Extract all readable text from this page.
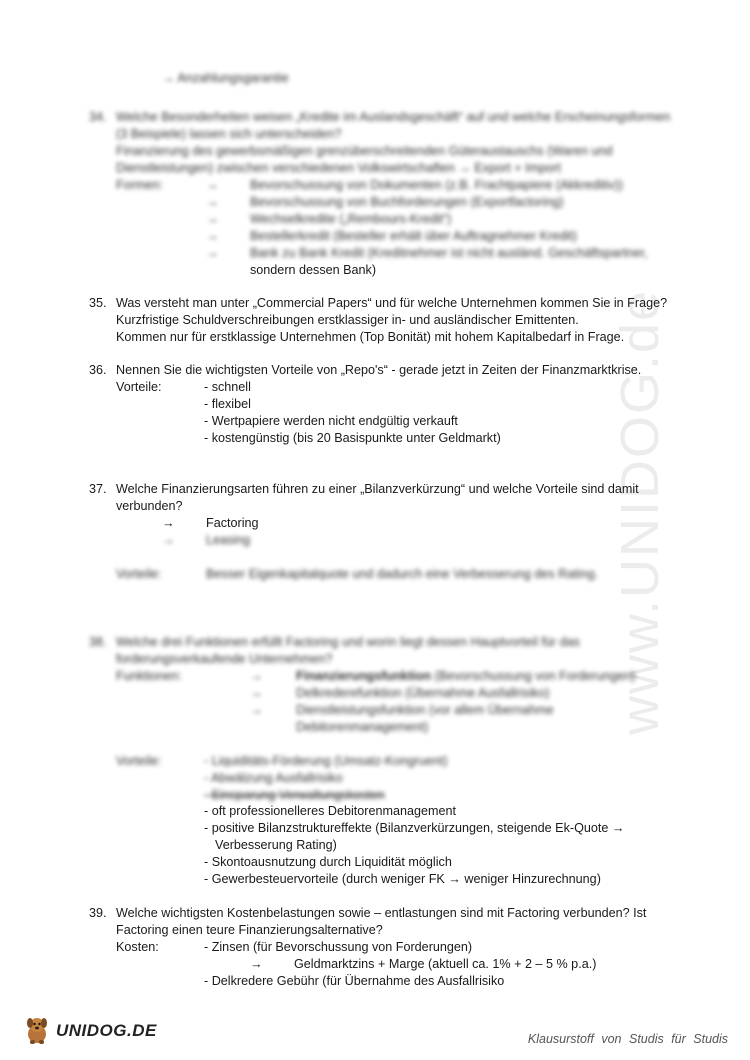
www.UNIDOG.de
→ Anzahlungsgarantie
34. Welche Besonderheiten weisen „Kredite im Auslandsgeschäft“ auf und welche Erscheinungsformen
(3 Beispiele) lassen sich unterscheiden?
Finanzierung des gewerbsmäßigen grenzüberschreitenden Güteraustauschs (Waren und
Dienstleistungen) zwischen verschiedenen Volkswirtschaften → Export + Import
Formen:	→ Bevorschussung von Dokumenten (z.B. Frachtpapiere (Akkreditiv))
→ Bevorschussung von Buchforderungen (Exportfactoring)
→ Wechselkredite („Rembours-Kredit“)
→ Bestellerkredit (Besteller erhält über Auftragnehmer Kredit)
→ Bank zu Bank Kredit (Kreditnehmer ist nicht ausländ. Geschäftspartner,
sondern dessen Bank)
35. Was versteht man unter „Commercial Papers“ und für welche Unternehmen kommen Sie in Frage?
Kurzfristige Schuldverschreibungen erstklassiger in- und ausländischer Emittenten.
Kommen nur für erstklassige Unternehmen (Top Bonität) mit hohem Kapitalbedarf in Frage.
36. Nennen Sie die wichtigsten Vorteile von „Repo's“ - gerade jetzt in Zeiten der Finanzmarktkrise.
Vorteile:	- schnell
- flexibel
- Wertpapiere werden nicht endgültig verkauft
- kostengünstig (bis 20 Basispunkte unter Geldmarkt)
37. Welche Finanzierungsarten führen zu einer „Bilanzverkürzung“ und welche Vorteile sind damit
verbunden?
→ Factoring
→ Leasing
Vorteile:	Besser Eigenkapitalquote und dadurch eine Verbesserung des Rating.
38. Welche drei Funktionen erfüllt Factoring und worin liegt dessen Hauptvorteil für das
forderungsverkaufende Unternehmen?
Funktionen:	→	Finanzierungsfunktion (Bevorschussung von Forderungen)
→	Delkrederefunktion (Übernahme Ausfallrisiko)
→	Dienstleistungsfunktion (vor allem Übernahme
Debitorenmanagement)
Vorteile:	- Liquiditäts-Förderung (Umsatz-Kongruent)
- Abwälzung Ausfallrisiko
- Einsparung Verwaltungskosten
- oft professionelleres Debitorenmanagement
- positive Bilanzstruktureffekte (Bilanzverkürzungen, steigende Ek-Quote →
Verbesserung Rating)
- Skontoausnutzung durch Liquidität möglich
- Gewerbesteuervorteile (durch weniger FK → weniger Hinzurechnung)
39. Welche wichtigsten Kostenbelastungen sowie – entlastungen sind mit Factoring verbunden? Ist
Factoring einen teure Finanzierungsalternative?
Kosten:	- Zinsen (für Bevorschussung von Forderungen)
→ Geldmarktzins + Marge (aktuell ca. 1% + 2 – 5 % p.a.)
- Delkredere Gebühr (für Übernahme des Ausfallrisiko
UNIDOG.DE	Klausurstoff von Studis für Studis
